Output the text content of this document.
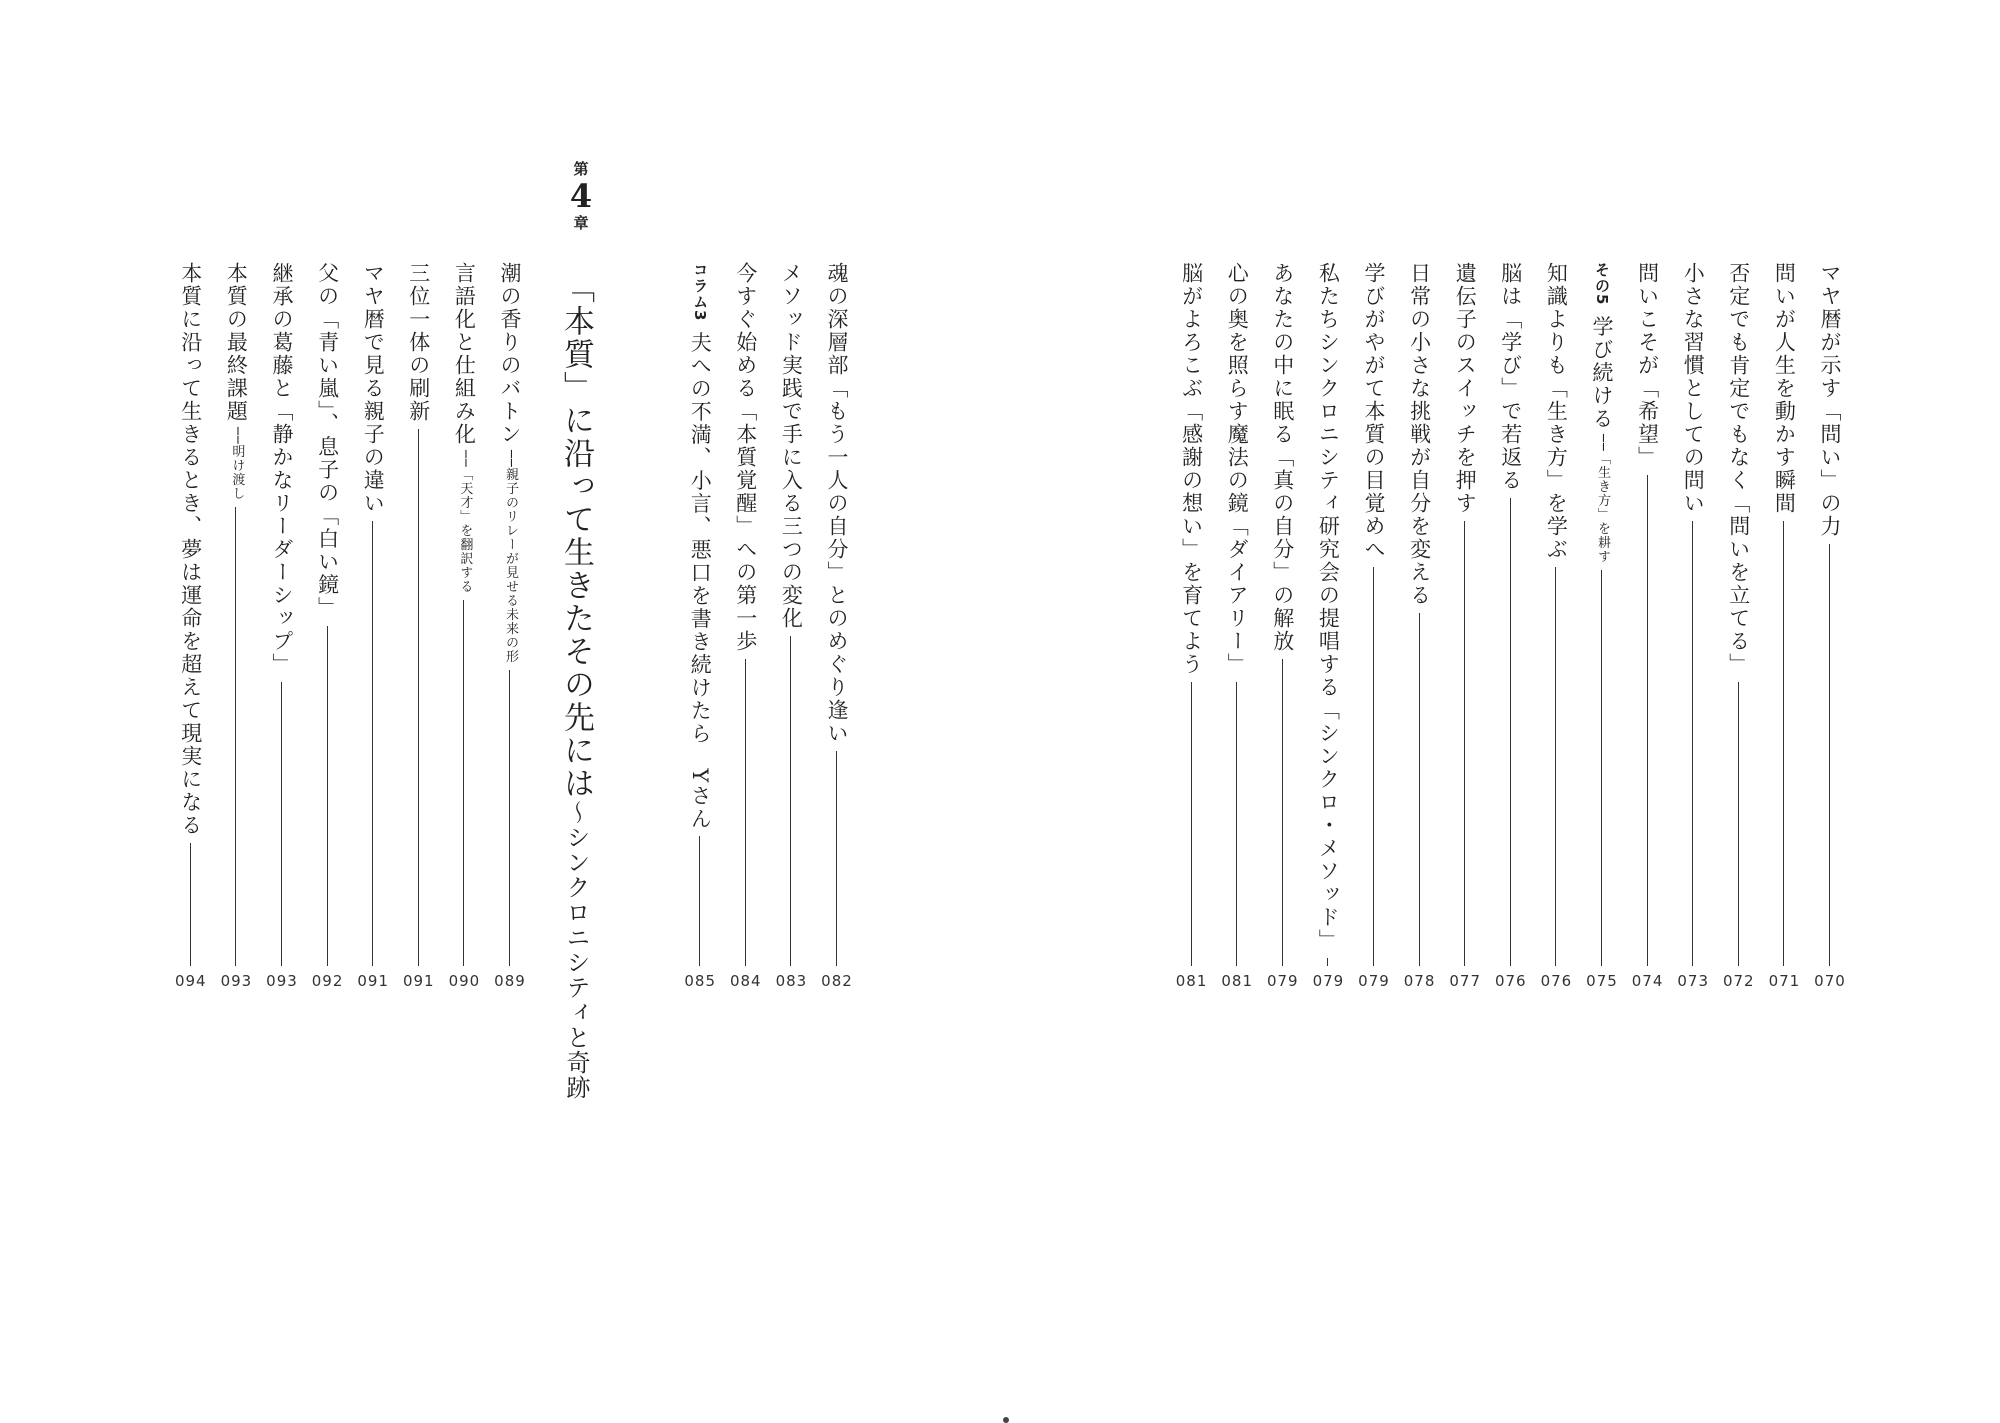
マヤ暦が示す「問い」の力
070
問いが人生を動かす瞬間
071
否定でも肯定でもなく「問いを立てる」
072
小さな習慣としての問い
073
問いこそが「希望」
074
その5学び続ける──「生き方」を耕す
075
知識よりも「生き方」を学ぶ
076
脳は「学び」で若返る
076
遺伝子のスイッチを押す
077
日常の小さな挑戦が自分を変える
078
学びがやがて本質の目覚めへ
079
私たちシンクロニシティ研究会の提唱する「シンクロ・メソッド」
079
あなたの中に眠る「真の自分」の解放
079
心の奥を照らす魔法の鏡「ダイアリー」
081
脳がよろこぶ「感謝の想い」を育てよう
081
魂の深層部「もう一人の自分」とのめぐり逢い
082
メソッド実践で手に入る三つの変化
083
今すぐ始める「本質覚醒」への第一歩
084
コラム3夫への不満、小言、悪口を書き続けたら　Yさん
085
第
4
章
「本質」に沿って生きたその先には～シンクロニシティと奇跡
潮の香りのバトン──親子のリレーが見せる未来の形
089
言語化と仕組み化──「天才」を翻訳する
090
三位一体の刷新
091
マヤ暦で見る親子の違い
091
父の「青い嵐」、息子の「白い鏡」
092
継承の葛藤と「静かなリーダーシップ」
093
本質の最終課題──明け渡し
093
本質に沿って生きるとき、夢は運命を超えて現実になる
094
